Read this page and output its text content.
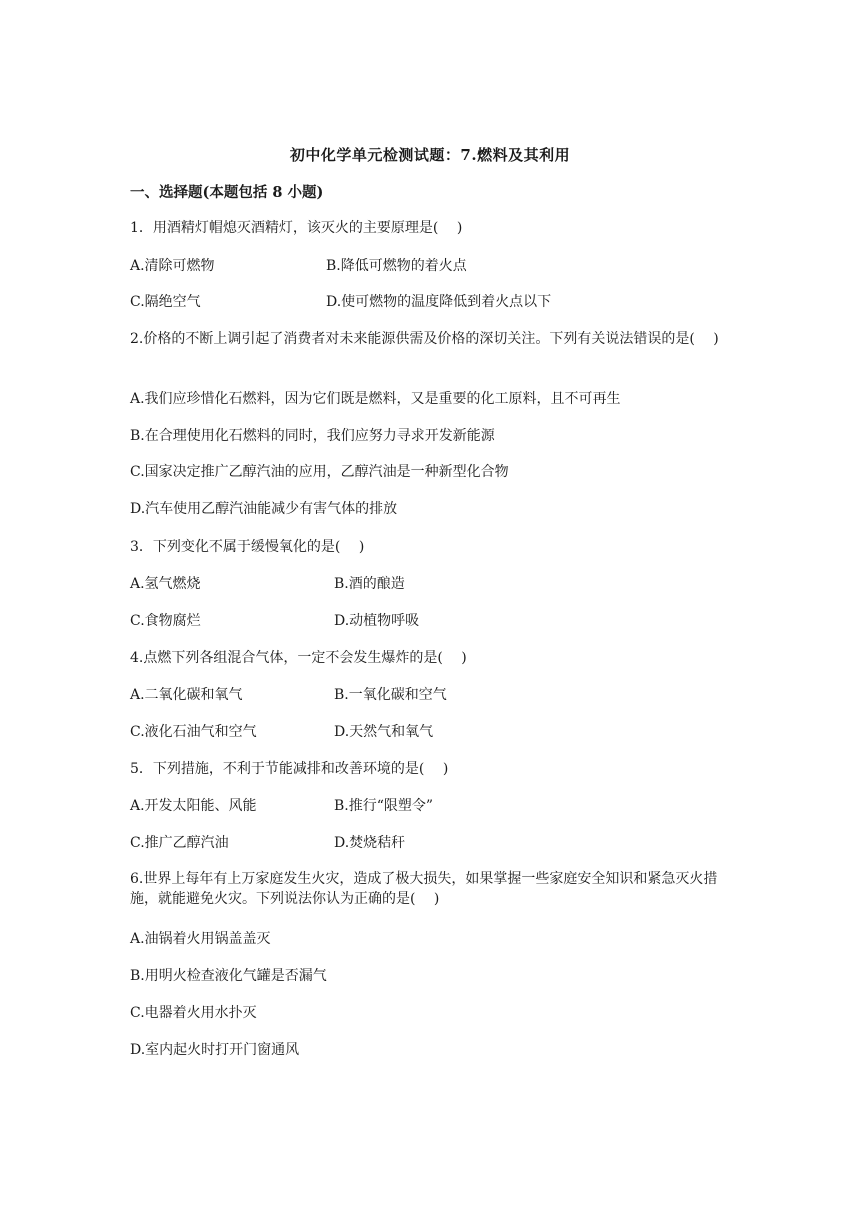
初中化学单元检测试题：7.燃料及其利用
一、选择题(本题包括 8 小题)
1．用酒精灯帽熄灭酒精灯，该灭火的主要原理是(　 )
A.清除可燃物	B.降低可燃物的着火点
C.隔绝空气	D.使可燃物的温度降低到着火点以下
2.价格的不断上调引起了消费者对未来能源供需及价格的深切关注。下列有关说法错误的是(　 )
A.我们应珍惜化石燃料，因为它们既是燃料，又是重要的化工原料，且不可再生
B.在合理使用化石燃料的同时，我们应努力寻求开发新能源
C.国家决定推广乙醇汽油的应用，乙醇汽油是一种新型化合物
D.汽车使用乙醇汽油能减少有害气体的排放
3．下列变化不属于缓慢氧化的是(　 )
A.氢气燃烧	B.酒的酿造
C.食物腐烂	D.动植物呼吸
4.点燃下列各组混合气体，一定不会发生爆炸的是(　 )
A.二氧化碳和氧气	B.一氧化碳和空气
C.液化石油气和空气	D.天然气和氧气
5．下列措施，不利于节能减排和改善环境的是(　 )
A.开发太阳能、风能	B.推行“限塑令”
C.推广乙醇汽油	D.焚烧秸秆
6.世界上每年有上万家庭发生火灾，造成了极大损失，如果掌握一些家庭安全知识和紧急灭火措施，就能避免火灾。下列说法你认为正确的是(　 )
A.油锅着火用锅盖盖灭
B.用明火检查液化气罐是否漏气
C.电器着火用水扑灭
D.室内起火时打开门窗通风
